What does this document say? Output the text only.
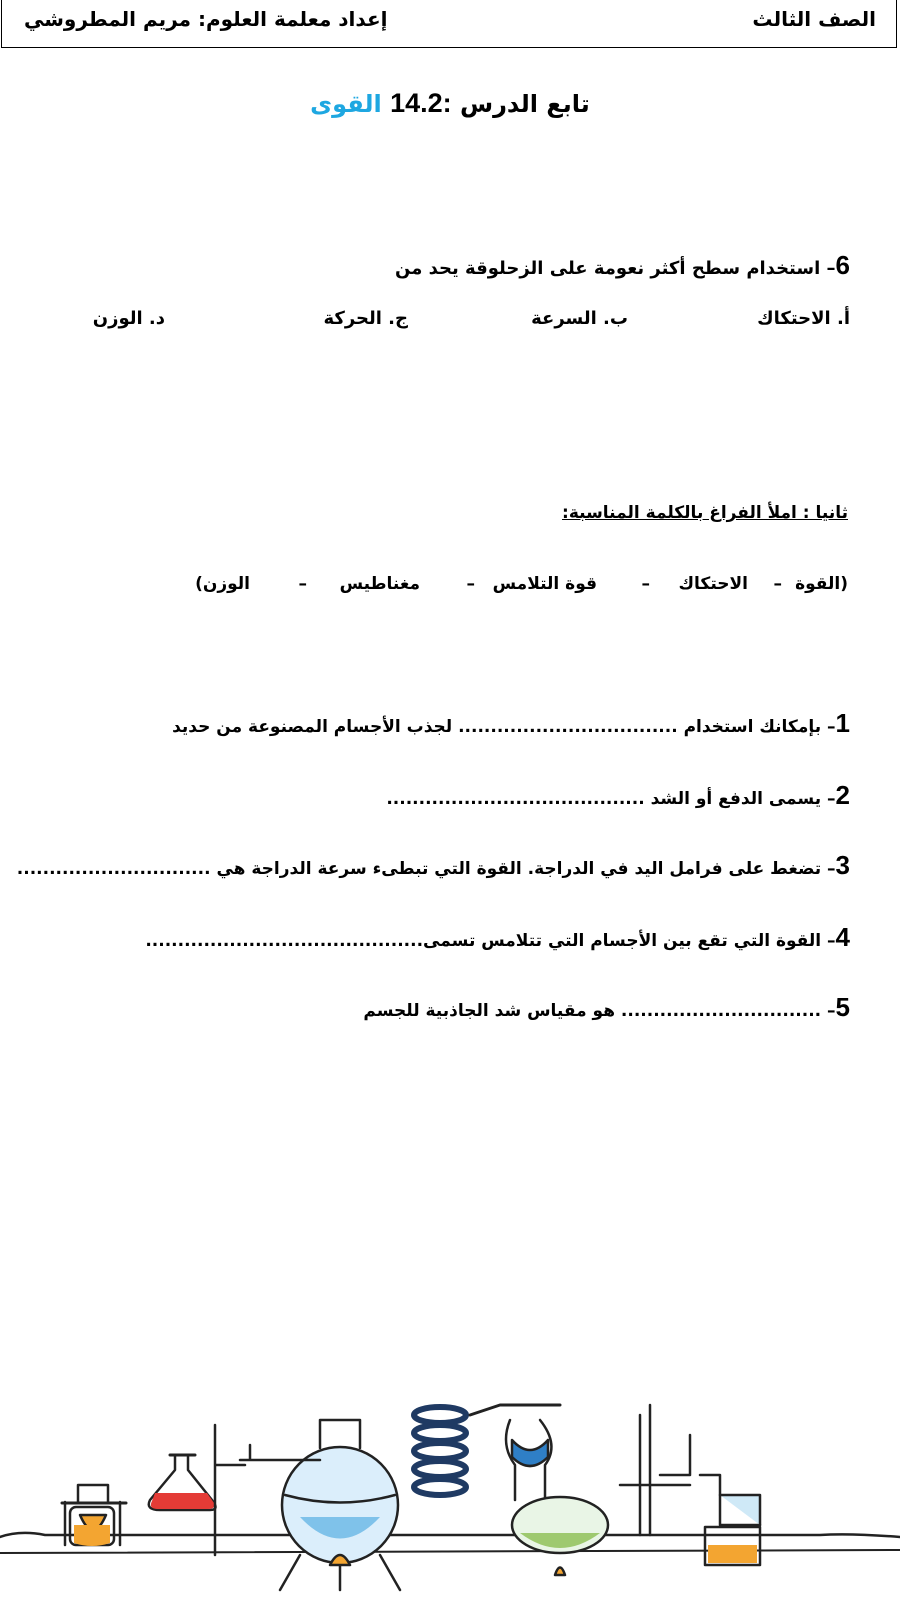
الصف الثالث
إعداد معلمة العلوم: مريم المطروشي
تابع الدرس 14.2: القوى
6– استخدام سطح أكثر نعومة على الزحلوقة يحد من
أ. الاحتكاك
ب. السرعة
ج. الحركة
د. الوزن
ثانيا : املأ الفراغ بالكلمة المناسبة:
(القوة
–
الاحتكاك
–
قوة التلامس
–
مغناطيس
–
الوزن)
1– بإمكانك استخدام .................................. لجذب الأجسام المصنوعة من حديد
2– يسمى الدفع أو الشد ........................................
3– تضغط على فرامل اليد في الدراجة. القوة التي تبطىء سرعة الدراجة هي ..............................
4– القوة التي تقع بين الأجسام التي تتلامس تسمى...........................................
5– ............................... هو مقياس شد الجاذبية للجسم
